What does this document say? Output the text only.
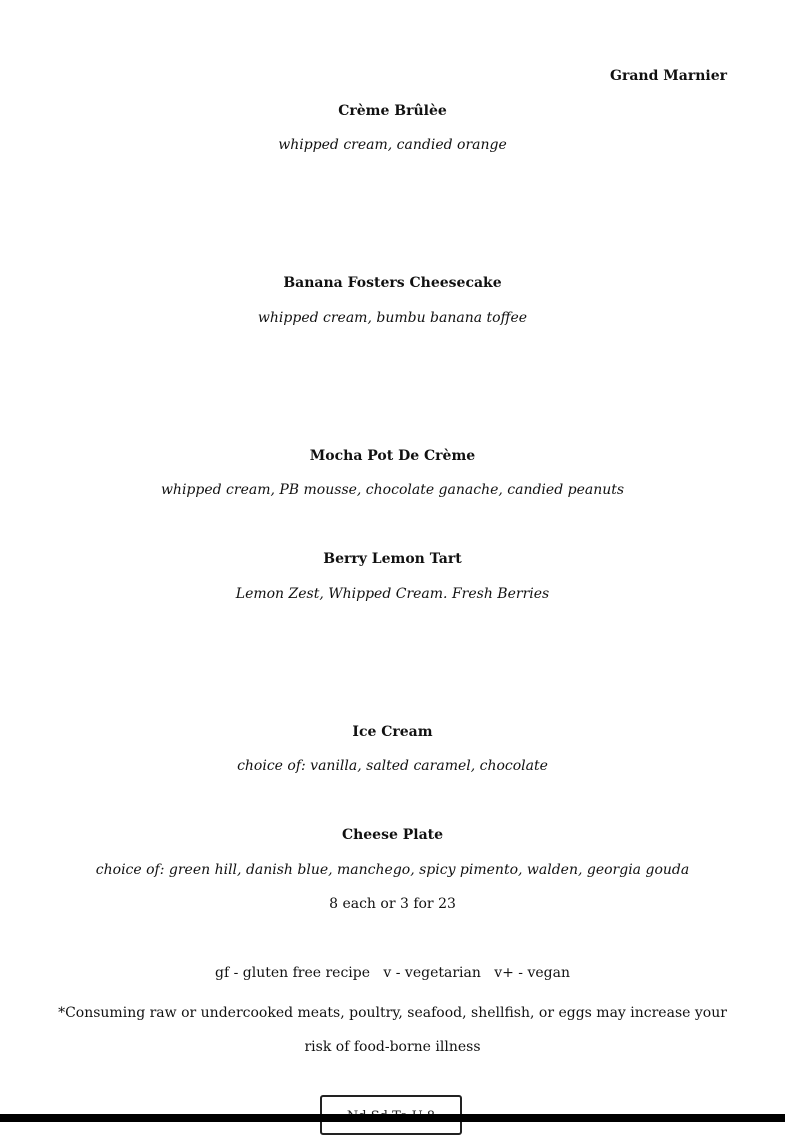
Grand Marnier
Crème Brûlèe
whipped cream, candied orange
Banana Fosters Cheesecake
whipped cream, bumbu banana toffee
Mocha Pot De Crème
whipped cream, PB mousse, chocolate ganache, candied peanuts
Berry Lemon Tart
Lemon Zest, Whipped Cream. Fresh Berries
Ice Cream
choice of: vanilla, salted caramel, chocolate
Cheese Plate
choice of: green hill, danish blue, manchego, spicy pimento, walden, georgia gouda
8 each or 3 for 23
gf - gluten free recipe   v - vegetarian   v+ - vegan
*Consuming raw or undercooked meats, poultry, seafood, shellfish, or eggs may increase your risk of food-borne illness
